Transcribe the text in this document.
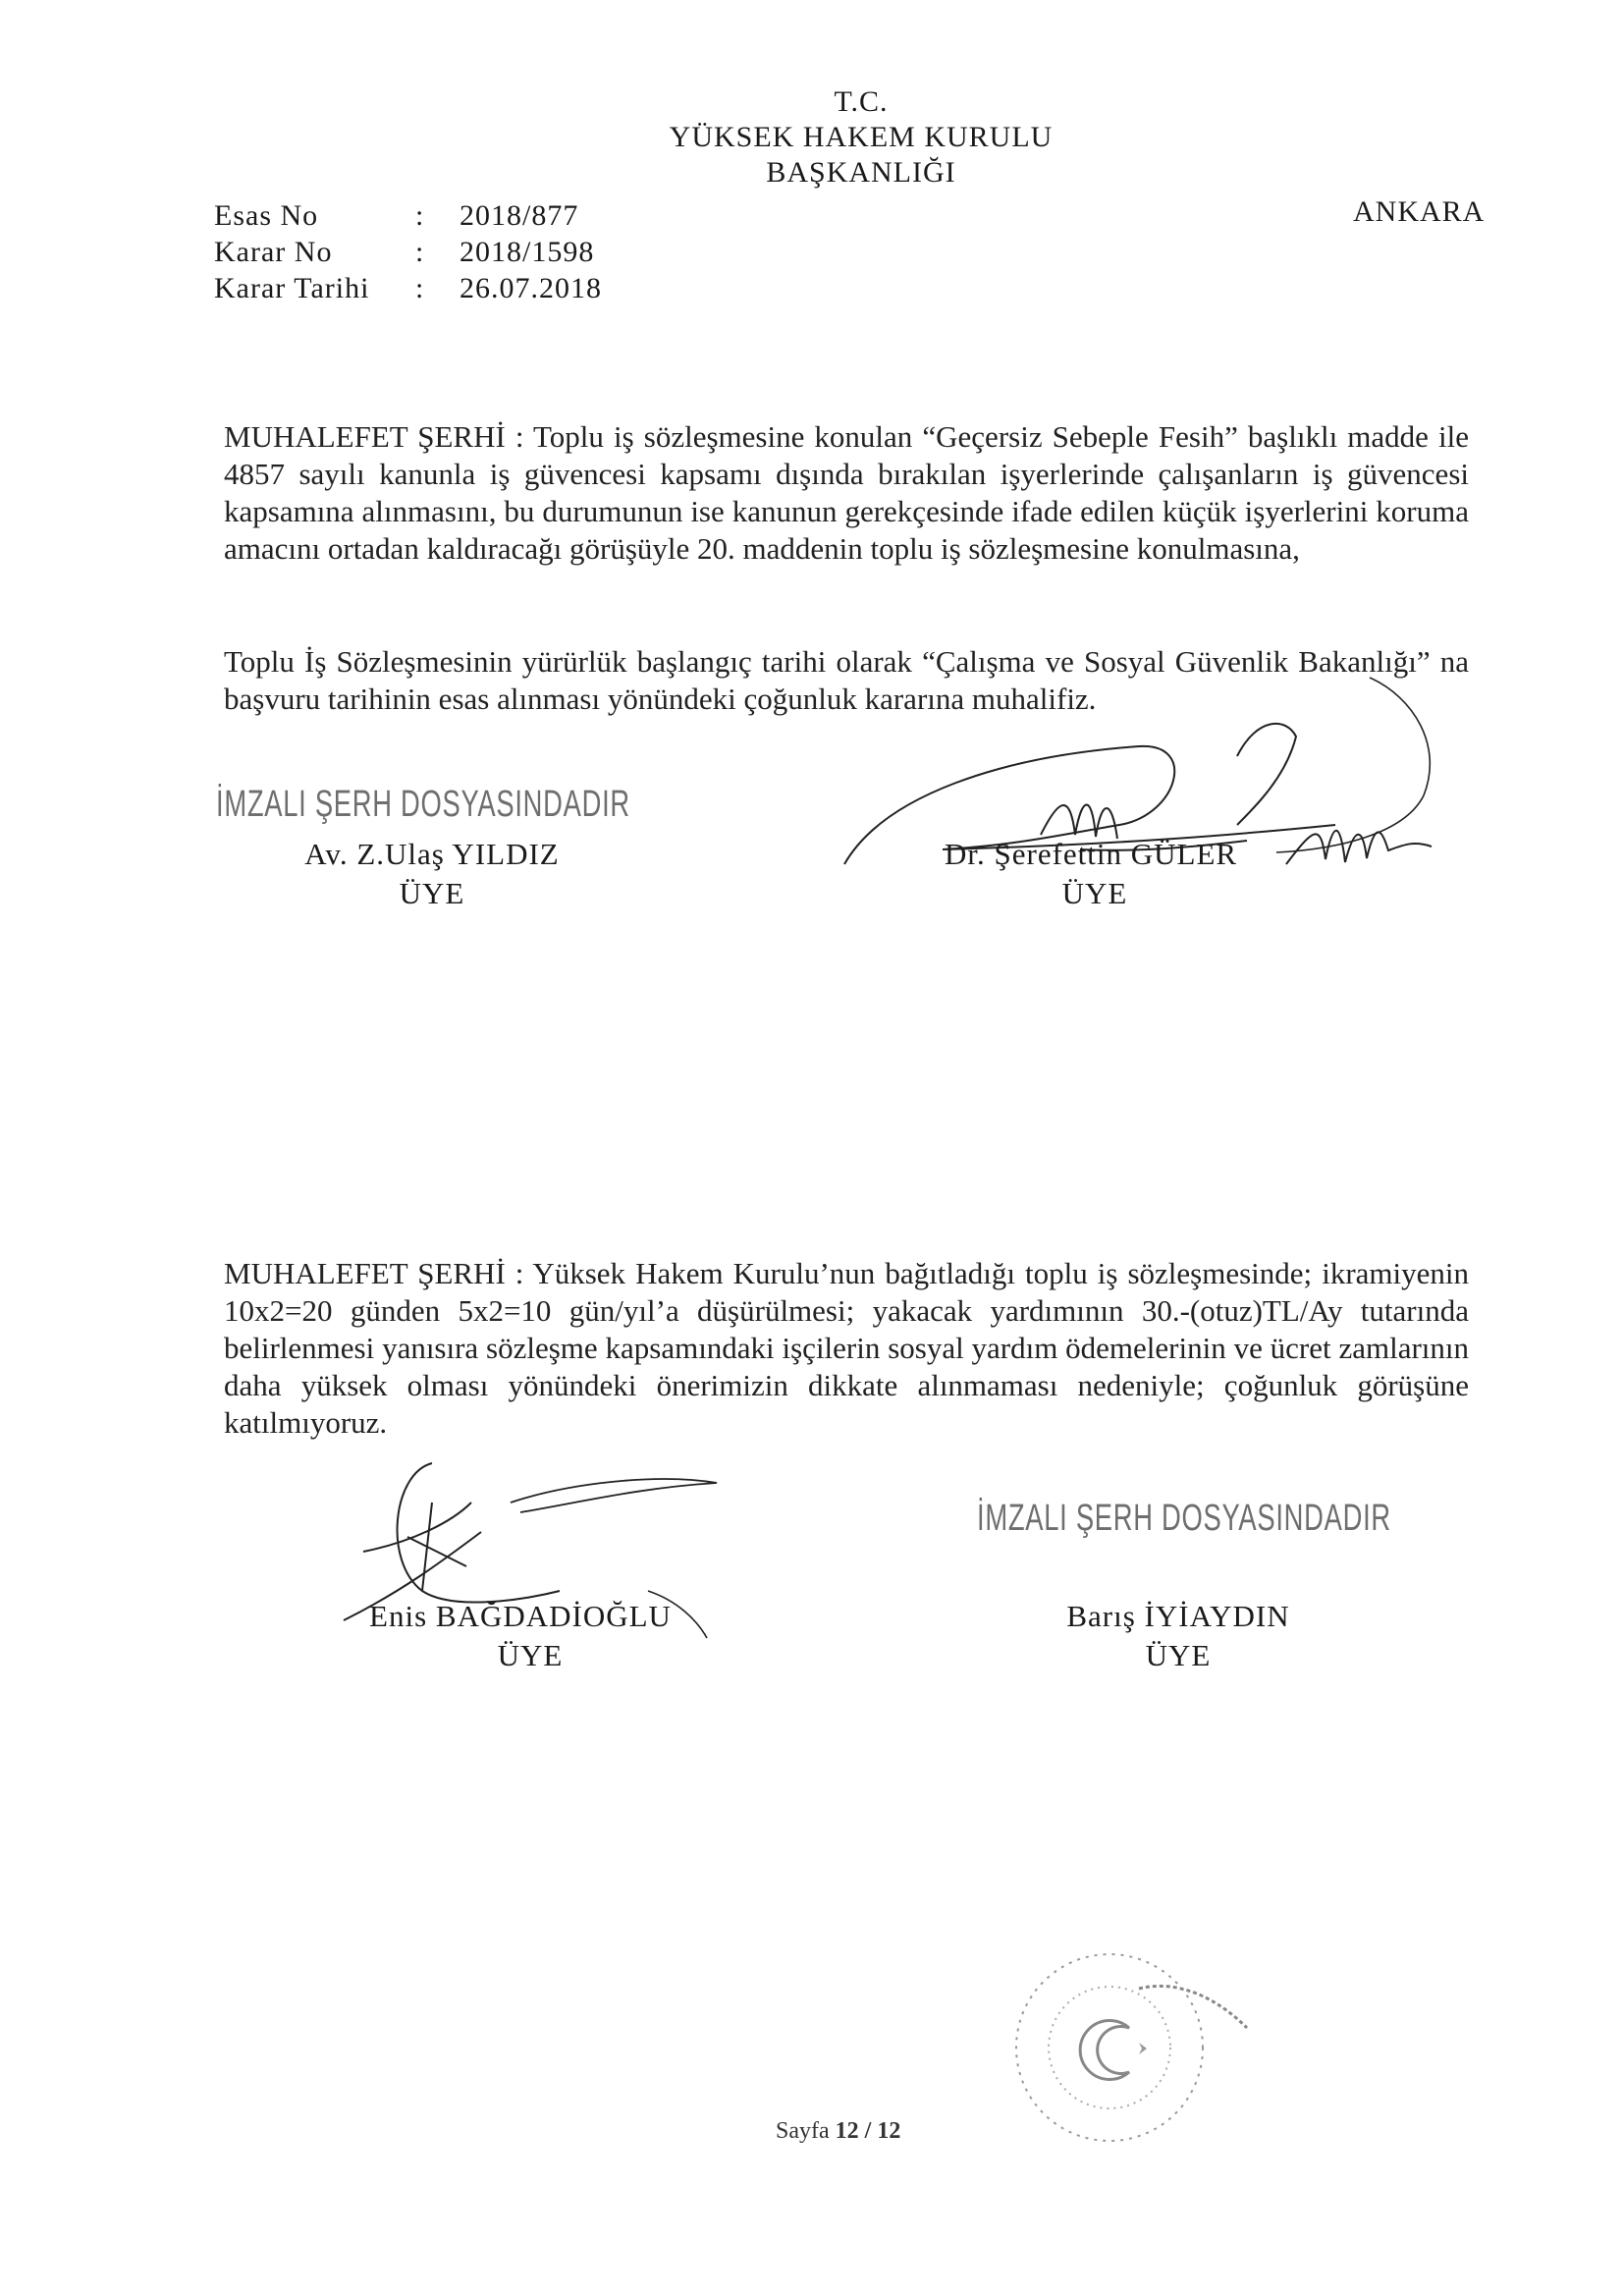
T.C.
YÜKSEK HAKEM KURULU
BAŞKANLIĞI
ANKARA
Esas No	: 2018/877
Karar No	: 2018/1598
Karar Tarihi	: 26.07.2018
MUHALEFET ŞERHİ : Toplu iş sözleşmesine konulan “Geçersiz Sebeple Fesih” başlıklı madde ile 4857 sayılı kanunla iş güvencesi kapsamı dışında bırakılan işyerlerinde çalışanların iş güvencesi kapsamına alınmasını, bu durumunun ise kanunun gerekçesinde ifade edilen küçük işyerlerini koruma amacını ortadan kaldıracağı görüşüyle 20. maddenin toplu iş sözleşmesine konulmasına,
Toplu İş Sözleşmesinin yürürlük başlangıç tarihi olarak “Çalışma ve Sosyal Güvenlik Bakanlığı” na başvuru tarihinin esas alınması yönündeki çoğunluk kararına muhalifiz.
İMZALI ŞERH DOSYASINDADIR
Av. Z.Ulaş YILDIZ
ÜYE
Dr. Şerefettin GÜLER
ÜYE
MUHALEFET ŞERHİ : Yüksek Hakem Kurulu’nun bağıtladığı toplu iş sözleşmesinde; ikramiyenin 10x2=20 günden 5x2=10 gün/yıl’a düşürülmesi; yakacak yardımının 30.-(otuz)TL/Ay tutarında belirlenmesi yanısıra sözleşme kapsamındaki işçilerin sosyal yardım ödemelerinin ve ücret zamlarının daha yüksek olması yönündeki önerimizin dikkate alınmaması nedeniyle; çoğunluk görüşüne katılmıyoruz.
Enis BAĞDADİOĞLU
ÜYE
İMZALI ŞERH DOSYASINDADIR
Barış İYİAYDIN
ÜYE
Sayfa 12 / 12
